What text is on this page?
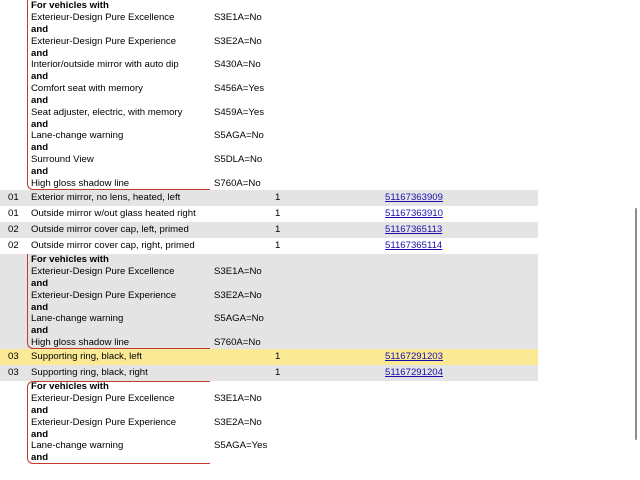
For vehicles with
Exterieur-Design Pure Excellence	S3E1A=No
and
Exterieur-Design Pure Experience	S3E2A=No
and
Interior/outside mirror with auto dip	S430A=No
and
Comfort seat with memory	S456A=Yes
and
Seat adjuster, electric, with memory	S459A=Yes
and
Lane-change warning	S5AGA=No
and
Surround View	S5DLA=No
and
High gloss shadow line	S760A=No
01 Exterior mirror, no lens, heated, left	1	51167363909
01 Outside mirror w/out glass heated right	1	51167363910
02 Outside mirror cover cap, left, primed	1	51167365113
02 Outside mirror cover cap, right, primed	1	51167365114
For vehicles with
Exterieur-Design Pure Excellence	S3E1A=No
and
Exterieur-Design Pure Experience	S3E2A=No
and
Lane-change warning	S5AGA=No
and
High gloss shadow line	S760A=No
03 Supporting ring, black, left	1	51167291203
03 Supporting ring, black, right	1	51167291204
For vehicles with
Exterieur-Design Pure Excellence	S3E1A=No
and
Exterieur-Design Pure Experience	S3E2A=No
and
Lane-change warning	S5AGA=Yes
and
